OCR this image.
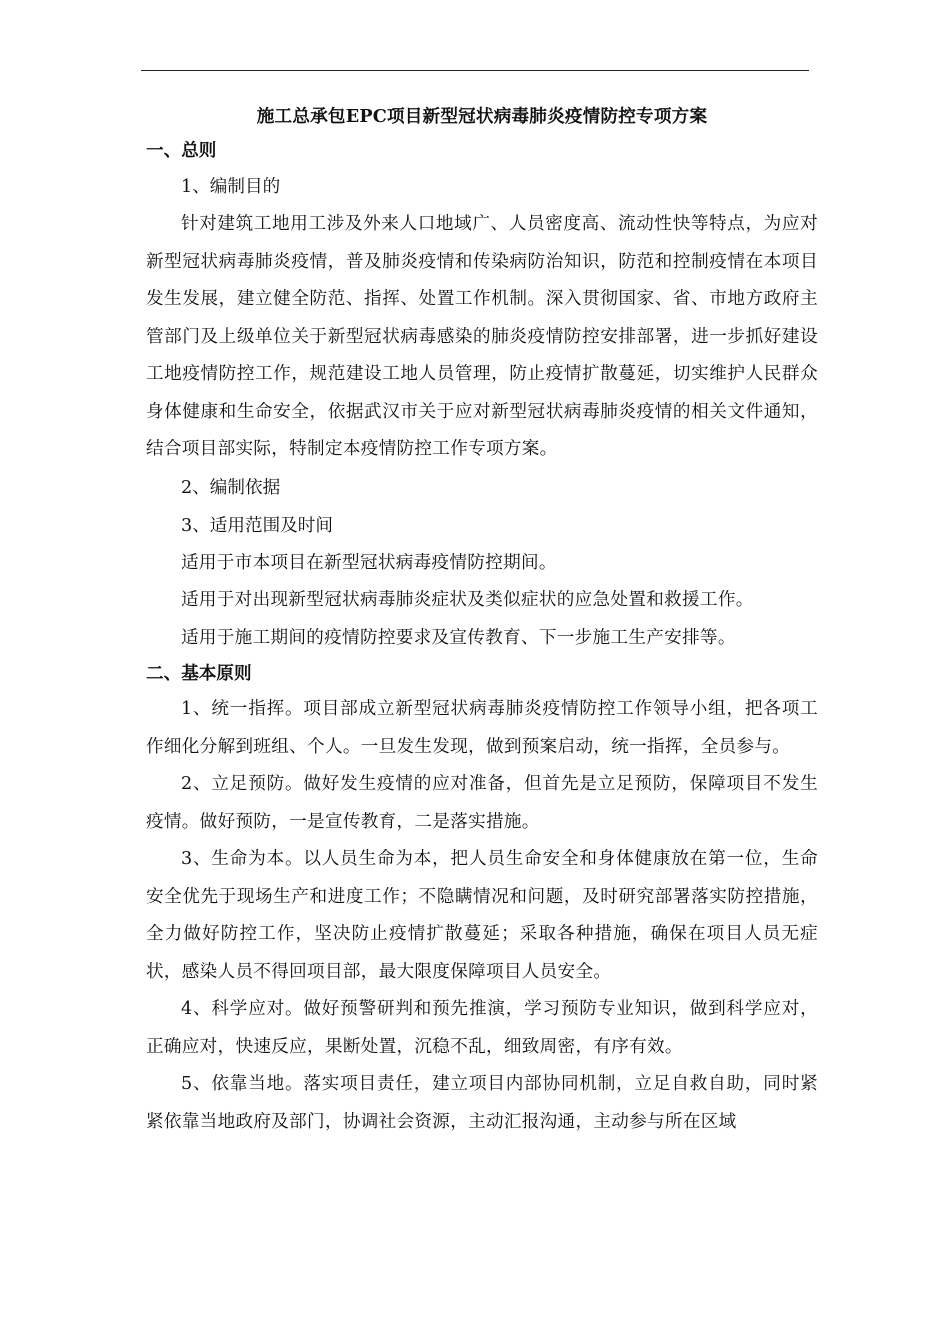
施工总承包EPC项目新型冠状病毒肺炎疫情防控专项方案

一、总则

1、编制目的

针对建筑工地用工涉及外来人口地域广、人员密度高、流动性快等特点，为应对新型冠状病毒肺炎疫情，普及肺炎疫情和传染病防治知识，防范和控制疫情在本项目发生发展，建立健全防范、指挥、处置工作机制。深入贯彻国家、省、市地方政府主管部门及上级单位关于新型冠状病毒感染的肺炎疫情防控安排部署，进一步抓好建设工地疫情防控工作，规范建设工地人员管理，防止疫情扩散蔓延，切实维护人民群众身体健康和生命安全，依据武汉市关于应对新型冠状病毒肺炎疫情的相关文件通知，结合项目部实际，特制定本疫情防控工作专项方案。

2、编制依据

3、适用范围及时间

适用于市本项目在新型冠状病毒疫情防控期间。

适用于对出现新型冠状病毒肺炎症状及类似症状的应急处置和救援工作。

适用于施工期间的疫情防控要求及宣传教育、下一步施工生产安排等。

二、基本原则

1、统一指挥。项目部成立新型冠状病毒肺炎疫情防控工作领导小组，把各项工作细化分解到班组、个人。一旦发生发现，做到预案启动，统一指挥，全员参与。

2、立足预防。做好发生疫情的应对准备，但首先是立足预防，保障项目不发生疫情。做好预防，一是宣传教育，二是落实措施。

3、生命为本。以人员生命为本，把人员生命安全和身体健康放在第一位，生命安全优先于现场生产和进度工作；不隐瞒情况和问题，及时研究部署落实防控措施，全力做好防控工作，坚决防止疫情扩散蔓延；采取各种措施，确保在项目人员无症状，感染人员不得回项目部，最大限度保障项目人员安全。

4、科学应对。做好预警研判和预先推演，学习预防专业知识，做到科学应对，正确应对，快速反应，果断处置，沉稳不乱，细致周密，有序有效。

5、依靠当地。落实项目责任，建立项目内部协同机制，立足自救自助，同时紧紧依靠当地政府及部门，协调社会资源，主动汇报沟通，主动参与所在区域
